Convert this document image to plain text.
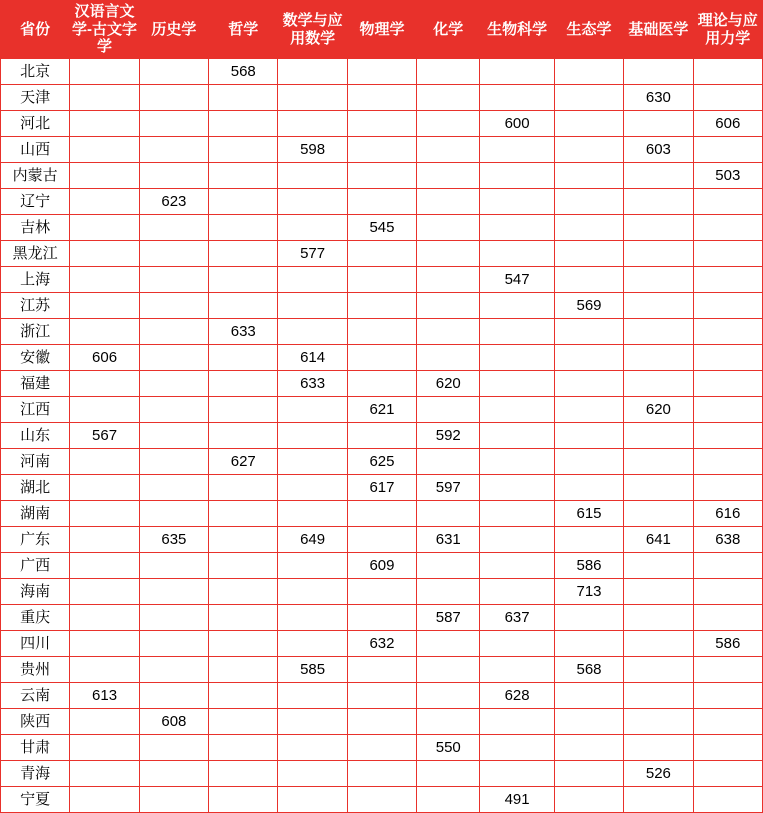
省份	汉语言文学-古文字学	历史学	哲学	数学与应用数学	物理学	化学	生物科学	生态学	基础医学	理论与应用力学
北京			568							
天津									630	
河北							600			606
山西				598					603	
内蒙古										503
辽宁		623								
吉林					545					
黑龙江				577						
上海							547			
江苏								569		
浙江			633							
安徽	606			614						
福建				633		620				
江西					621				620	
山东	567					592				
河南			627		625					
湖北					617	597				
湖南								615		616
广东		635		649		631			641	638
广西					609			586		
海南								713		
重庆						587	637			
四川					632					586
贵州				585				568		
云南	613						628			
陕西		608								
甘肃						550				
青海									526	
宁夏							491			
